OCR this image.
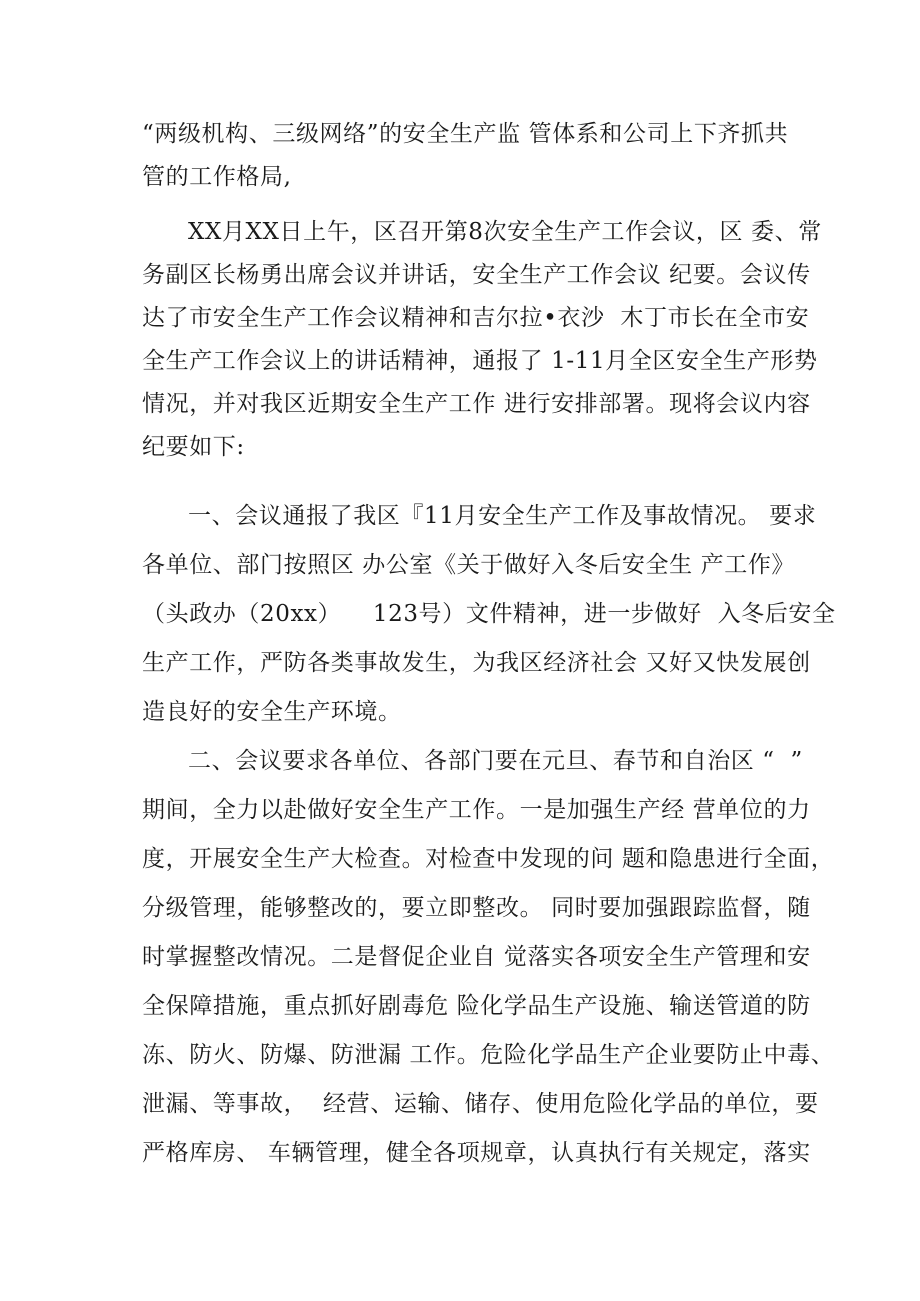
“两级机构、三级网络”的安全生产监 管体系和公司上下齐抓共
管的工作格局,
XX月XX日上午，区召开第8次安全生产工作会议，区 委、常
务副区长杨勇出席会议并讲话，安全生产工作会议 纪要。会议传
达了市安全生产工作会议精神和吉尔拉•衣沙  木丁市长在全市安
全生产工作会议上的讲话精神，通报了 1-11月全区安全生产形势
情况，并对我区近期安全生产工作 进行安排部署。现将会议内容
纪要如下:
一、会议通报了我区『11月安全生产工作及事故情况。 要求
各单位、部门按照区 办公室《关于做好入冬后安全生 产工作》
（头政办（20xx）    123号）文件精神，进一步做好  入冬后安全
生产工作，严防各类事故发生，为我区经济社会 又好又快发展创
造良好的安全生产环境。
二、会议要求各单位、各部门要在元旦、春节和自治区 “  ”
期间，全力以赴做好安全生产工作。一是加强生产经 营单位的力
度，开展安全生产大检查。对检查中发现的问 题和隐患进行全面，
分级管理，能够整改的，要立即整改。 同时要加强跟踪监督，随
时掌握整改情况。二是督促企业自 觉落实各项安全生产管理和安
全保障措施，重点抓好剧毒危 险化学品生产设施、输送管道的防
冻、防火、防爆、防泄漏 工作。危险化学品生产企业要防止中毒、
泄漏、等事故，  经营、运输、储存、使用危险化学品的单位，要
严格库房、 车辆管理，健全各项规章，认真执行有关规定，落实
